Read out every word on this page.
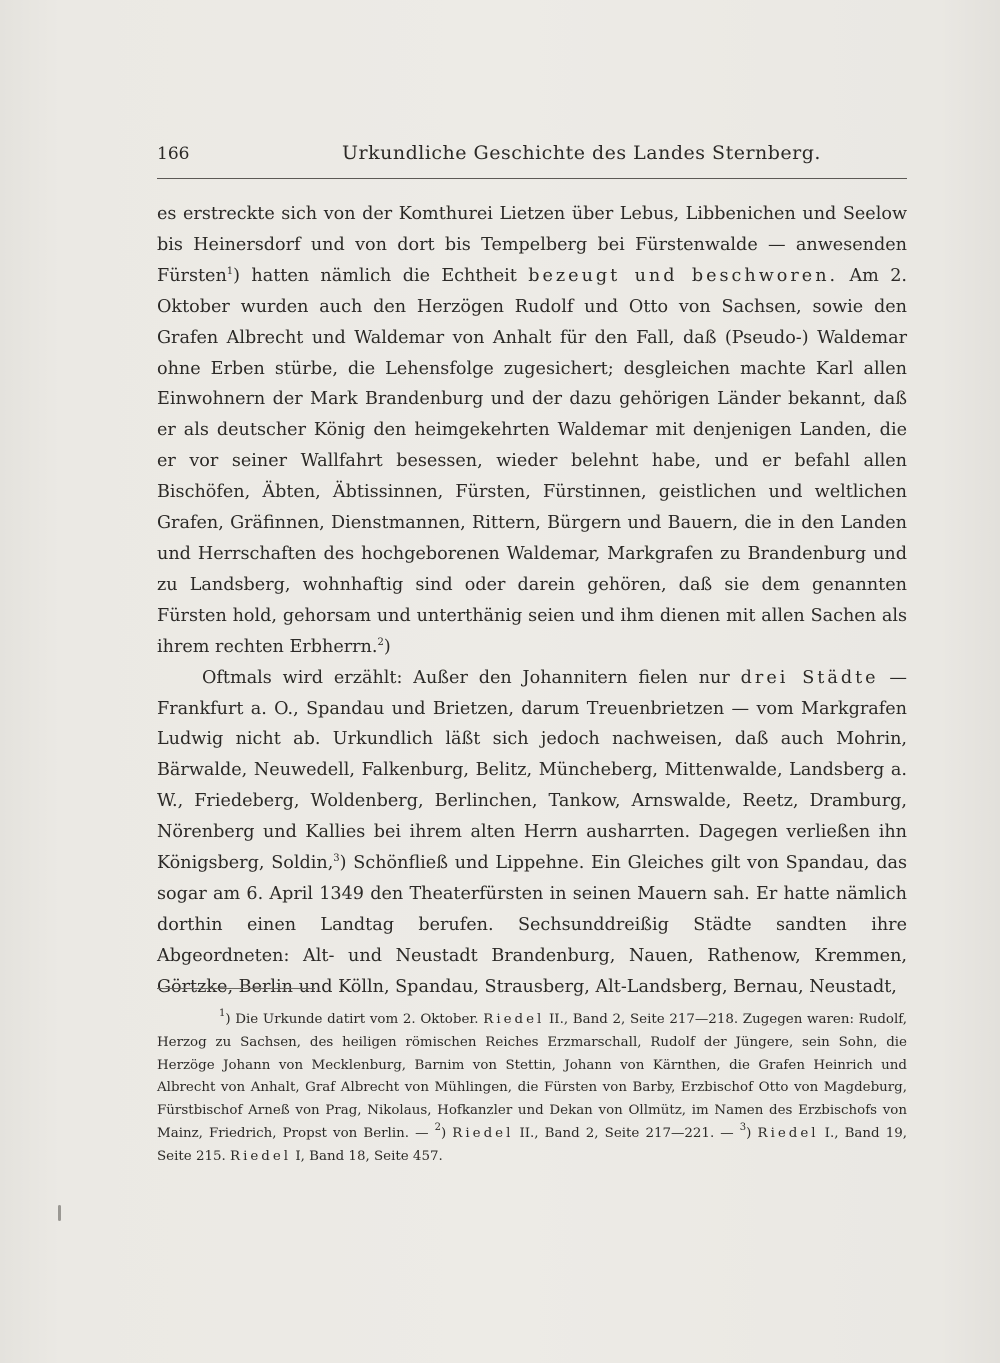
166	Urkundliche Geschichte des Landes Sternberg.

es erstreckte sich von der Komthurei Lietzen über Lebus, Libbenichen und Seelow bis Heinersdorf und von dort bis Tempelberg bei Fürstenwalde — anwesenden Fürsten$^1$) hatten nämlich die Echtheit bezeugt und beschworen. Am 2. Oktober wurden auch den Herzögen Rudolf und Otto von Sachsen, sowie den Grafen Albrecht und Waldemar von Anhalt für den Fall, daß (Pseudo-) Waldemar ohne Erben stürbe, die Lehensfolge zugesichert; desgleichen machte Karl allen Einwohnern der Mark Brandenburg und der dazu gehörigen Länder bekannt, daß er als deutscher König den heimgekehrten Waldemar mit denjenigen Landen, die er vor seiner Wallfahrt besessen, wieder belehnt habe, und er befahl allen Bischöfen, Äbten, Äbtissinnen, Fürsten, Fürstinnen, geistlichen und weltlichen Grafen, Gräfinnen, Dienstmannen, Rittern, Bürgern und Bauern, die in den Landen und Herrschaften des hochgeborenen Waldemar, Markgrafen zu Brandenburg und zu Landsberg, wohnhaftig sind oder darein gehören, daß sie dem genannten Fürsten hold, gehorsam und unterthänig seien und ihm dienen mit allen Sachen als ihrem rechten Erbherrn.$^2$)

Oftmals wird erzählt: Außer den Johannitern fielen nur drei Städte — Frankfurt a. O., Spandau und Brietzen, darum Treuenbrietzen — vom Markgrafen Ludwig nicht ab. Urkundlich läßt sich jedoch nachweisen, daß auch Mohrin, Bärwalde, Neuwedell, Falkenburg, Belitz, Müncheberg, Mittenwalde, Landsberg a. W., Friedeberg, Woldenberg, Berlinchen, Tankow, Arnswalde, Reetz, Dramburg, Nörenberg und Kallies bei ihrem alten Herrn ausharrten. Dagegen verließen ihn Königsberg, Soldin,$^3$) Schönfließ und Lippehne. Ein Gleiches gilt von Spandau, das sogar am 6. April 1349 den Theaterfürsten in seinen Mauern sah. Er hatte nämlich dorthin einen Landtag berufen. Sechsunddreißig Städte sandten ihre Abgeordneten: Alt- und Neustadt Brandenburg, Nauen, Rathenow, Kremmen, Görtzke, Berlin und Kölln, Spandau, Strausberg, Alt-Landsberg, Bernau, Neustadt,

$^1$) Die Urkunde datirt vom 2. Oktober. Riedel II., Band 2, Seite 217—218. Zugegen waren: Rudolf, Herzog zu Sachsen, des heiligen römischen Reiches Erzmarschall, Rudolf der Jüngere, sein Sohn, die Herzöge Johann von Mecklenburg, Barnim von Stettin, Johann von Kärnthen, die Grafen Heinrich und Albrecht von Anhalt, Graf Albrecht von Mühlingen, die Fürsten von Barby, Erzbischof Otto von Magdeburg, Fürstbischof Arneß von Prag, Nikolaus, Hofkanzler und Dekan von Ollmütz, im Namen des Erzbischofs von Mainz, Friedrich, Propst von Berlin. — $^2$) Riedel II., Band 2, Seite 217—221. — $^3$) Riedel I., Band 19, Seite 215. Riedel I, Band 18, Seite 457.
